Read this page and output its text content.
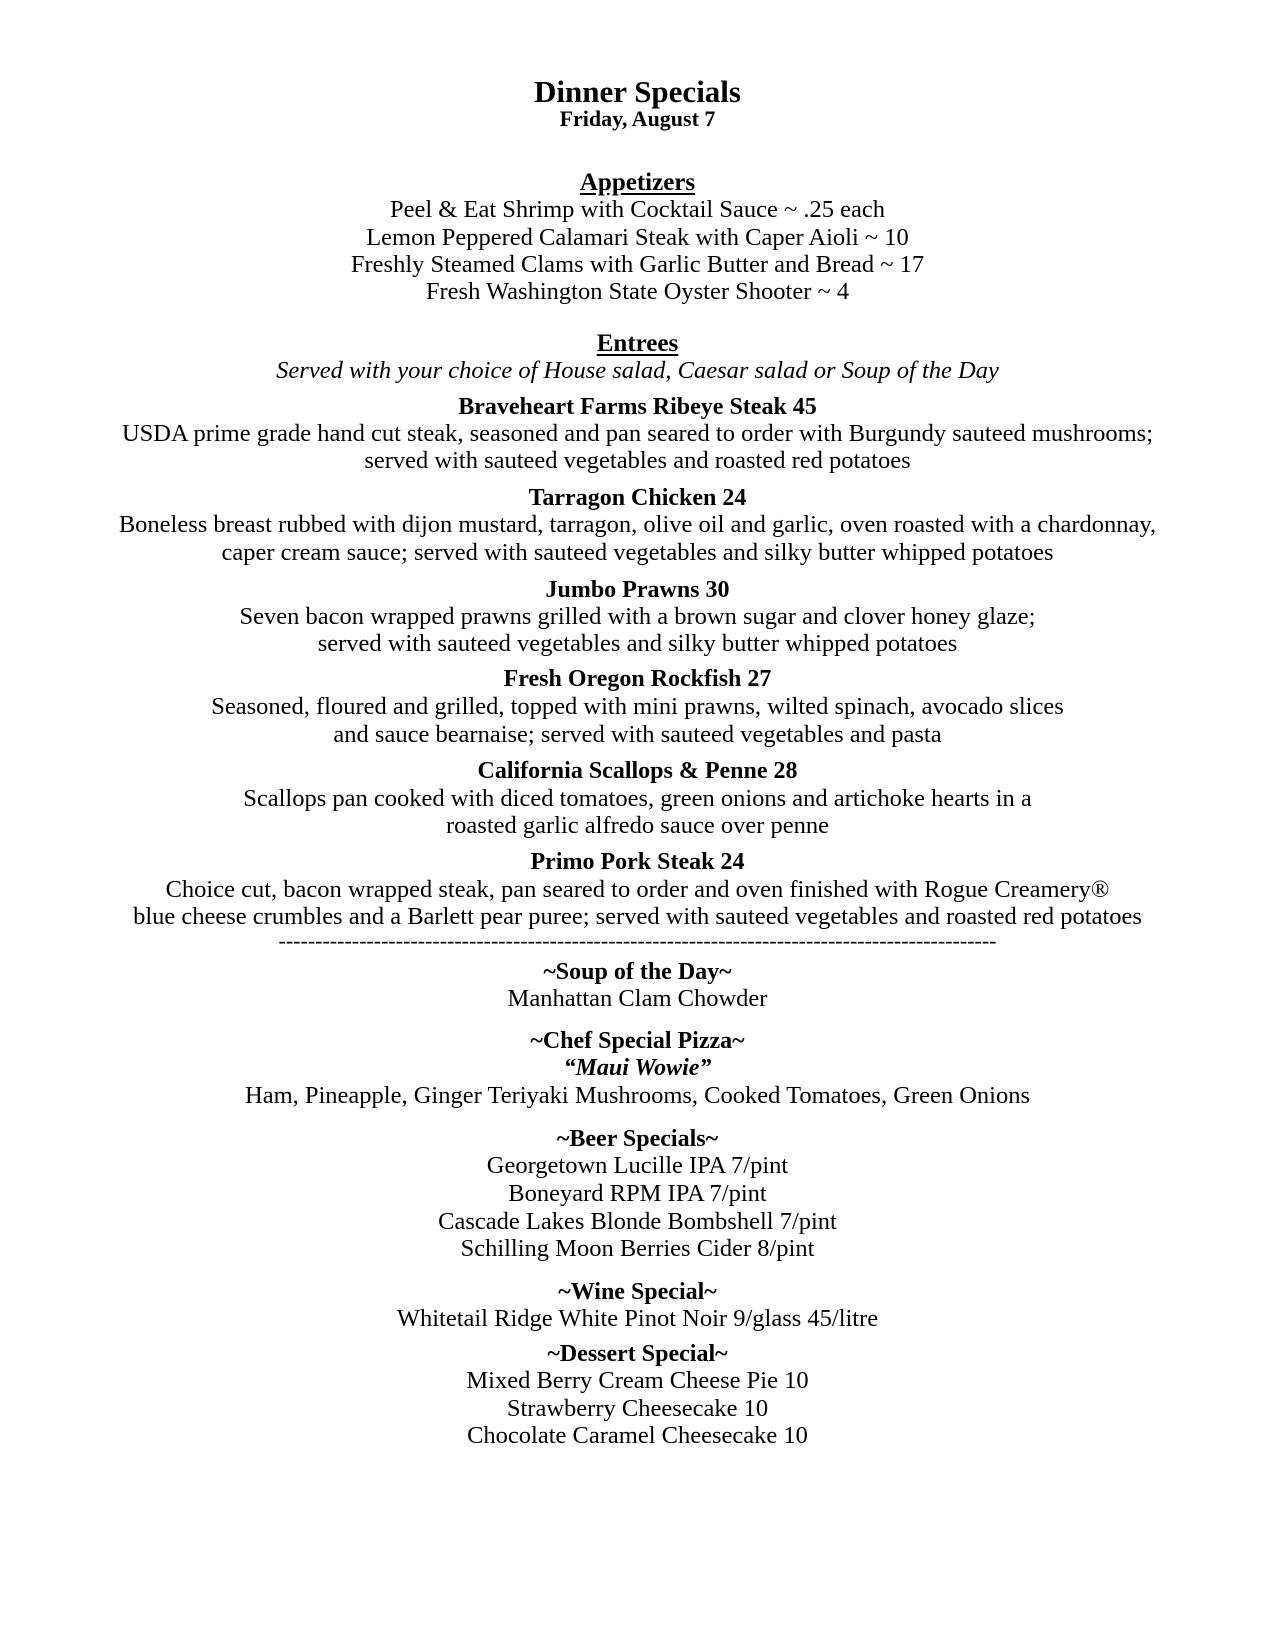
Dinner Specials
Friday, August 7
Appetizers
Peel & Eat Shrimp with Cocktail Sauce ~ .25 each
Lemon Peppered Calamari Steak with Caper Aioli ~ 10
Freshly Steamed Clams with Garlic Butter and Bread ~ 17
Fresh Washington State Oyster Shooter ~ 4
Entrees
Served with your choice of House salad, Caesar salad or Soup of the Day
Braveheart Farms Ribeye Steak 45
USDA prime grade hand cut steak, seasoned and pan seared to order with Burgundy sauteed mushrooms;
served with sauteed vegetables and roasted red potatoes
Tarragon Chicken 24
Boneless breast rubbed with dijon mustard, tarragon, olive oil and garlic, oven roasted with a chardonnay,
caper cream sauce; served with sauteed vegetables and silky butter whipped potatoes
Jumbo Prawns 30
Seven bacon wrapped prawns grilled with a brown sugar and clover honey glaze;
served with sauteed vegetables and silky butter whipped potatoes
Fresh Oregon Rockfish 27
Seasoned, floured and grilled, topped with mini prawns, wilted spinach, avocado slices
and sauce bearnaise; served with sauteed vegetables and pasta
California Scallops & Penne 28
Scallops pan cooked with diced tomatoes, green onions and artichoke hearts in a
roasted garlic alfredo sauce over penne
Primo Pork Steak 24
Choice cut, bacon wrapped steak, pan seared to order and oven finished with Rogue Creamery®
blue cheese crumbles and a Barlett pear puree; served with sauteed vegetables and roasted red potatoes
--------------------------------------------------------------------------------------------------
~Soup of the Day~
Manhattan Clam Chowder
~Chef Special Pizza~
“Maui Wowie”
Ham, Pineapple, Ginger Teriyaki Mushrooms, Cooked Tomatoes, Green Onions
~Beer Specials~
Georgetown Lucille IPA 7/pint
Boneyard RPM IPA 7/pint
Cascade Lakes Blonde Bombshell 7/pint
Schilling Moon Berries Cider 8/pint
~Wine Special~
Whitetail Ridge White Pinot Noir 9/glass 45/litre
~Dessert Special~
Mixed Berry Cream Cheese Pie 10
Strawberry Cheesecake 10
Chocolate Caramel Cheesecake 10
